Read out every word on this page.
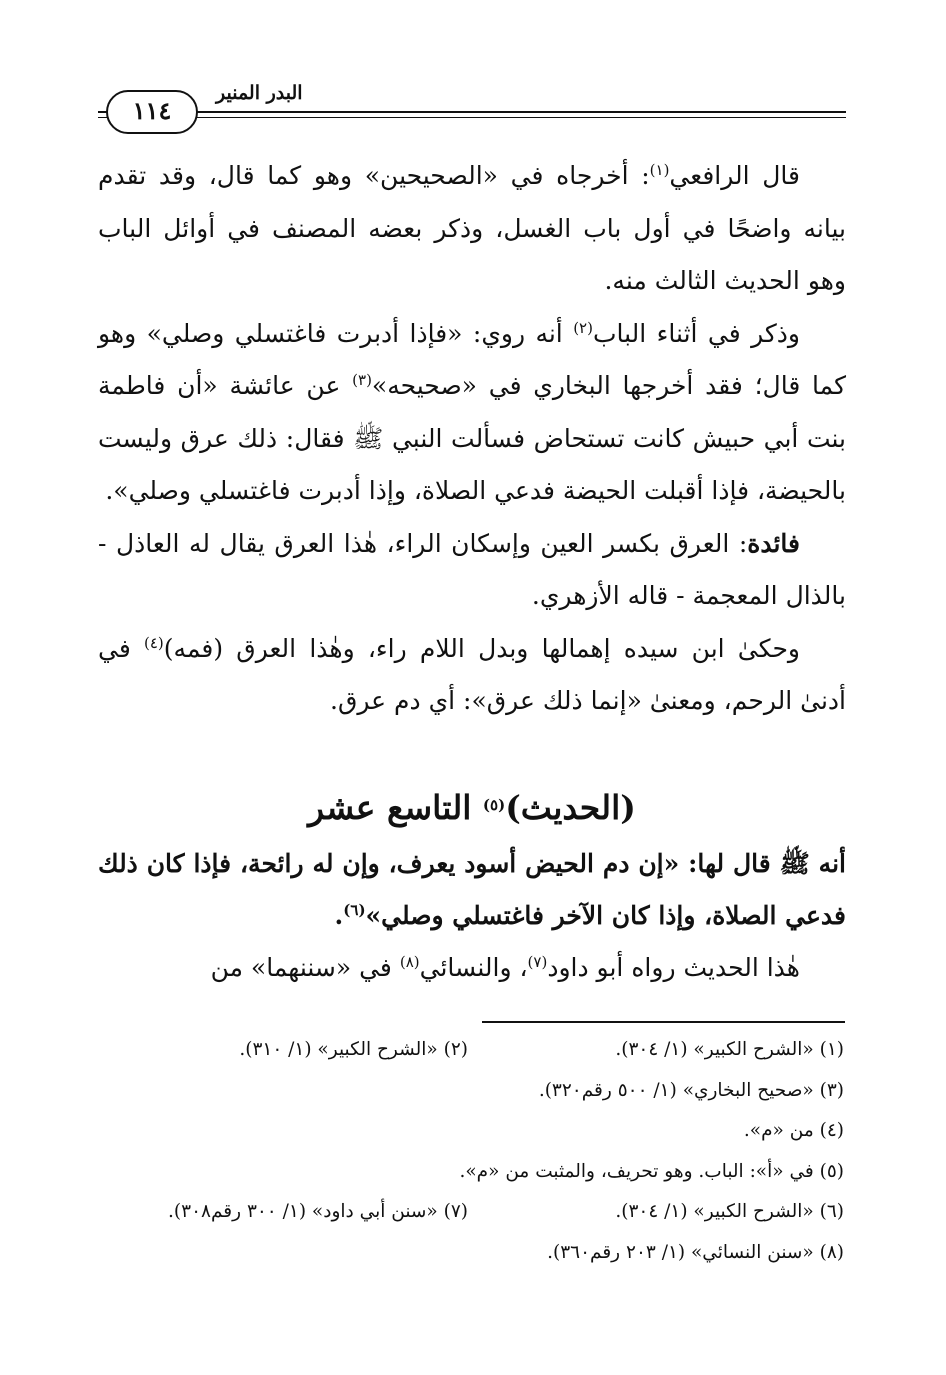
البدر المنير
١١٤

قال الرافعي$^{(١)}$: أخرجاه في «الصحيحين» وهو كما قال، وقد تقدم بيانه واضحًا في أول باب الغسل، وذكر بعضه المصنف في أوائل الباب وهو الحديث الثالث منه.

وذكر في أثناء الباب$^{(٢)}$ أنه روي: «فإذا أدبرت فاغتسلي وصلي» وهو كما قال؛ فقد أخرجها البخاري في «صحيحه»$^{(٣)}$ عن عائشة «أن فاطمة بنت أبي حبيش كانت تستحاض فسألت النبي ﷺ فقال: ذلك عرق وليست بالحيضة، فإذا أقبلت الحيضة فدعي الصلاة، وإذا أدبرت فاغتسلي وصلي».

فائدة: العرق بكسر العين وإسكان الراء، هٰذا العرق يقال له العاذل - بالذال المعجمة - قاله الأزهري.

وحكىٰ ابن سيده إهمالها وبدل اللام راء، وهٰذا العرق (فمه)$^{(٤)}$ في أدنىٰ الرحم، ومعنىٰ «إنما ذلك عرق»: أي دم عرق.

(الحديث)$^{(٥)}$ التاسع عشر

أنه ﷺ قال لها: «إن دم الحيض أسود يعرف، وإن له رائحة، فإذا كان ذلك فدعي الصلاة، وإذا كان الآخر فاغتسلي وصلي»$^{(٦)}$.

هٰذا الحديث رواه أبو داود$^{(٧)}$، والنسائي$^{(٨)}$ في «سننهما» من

(١) «الشرح الكبير» (١/ ٣٠٤).
(٢) «الشرح الكبير» (١/ ٣١٠).
(٣) «صحيح البخاري» (١/ ٥٠٠ رقم٣٢٠).
(٤) من «م».
(٥) في «أ»: الباب. وهو تحريف، والمثبت من «م».
(٦) «الشرح الكبير» (١/ ٣٠٤).
(٧) «سنن أبي داود» (١/ ٣٠٠ رقم٣٠٨).
(٨) «سنن النسائي» (١/ ٢٠٣ رقم٣٦٠).
